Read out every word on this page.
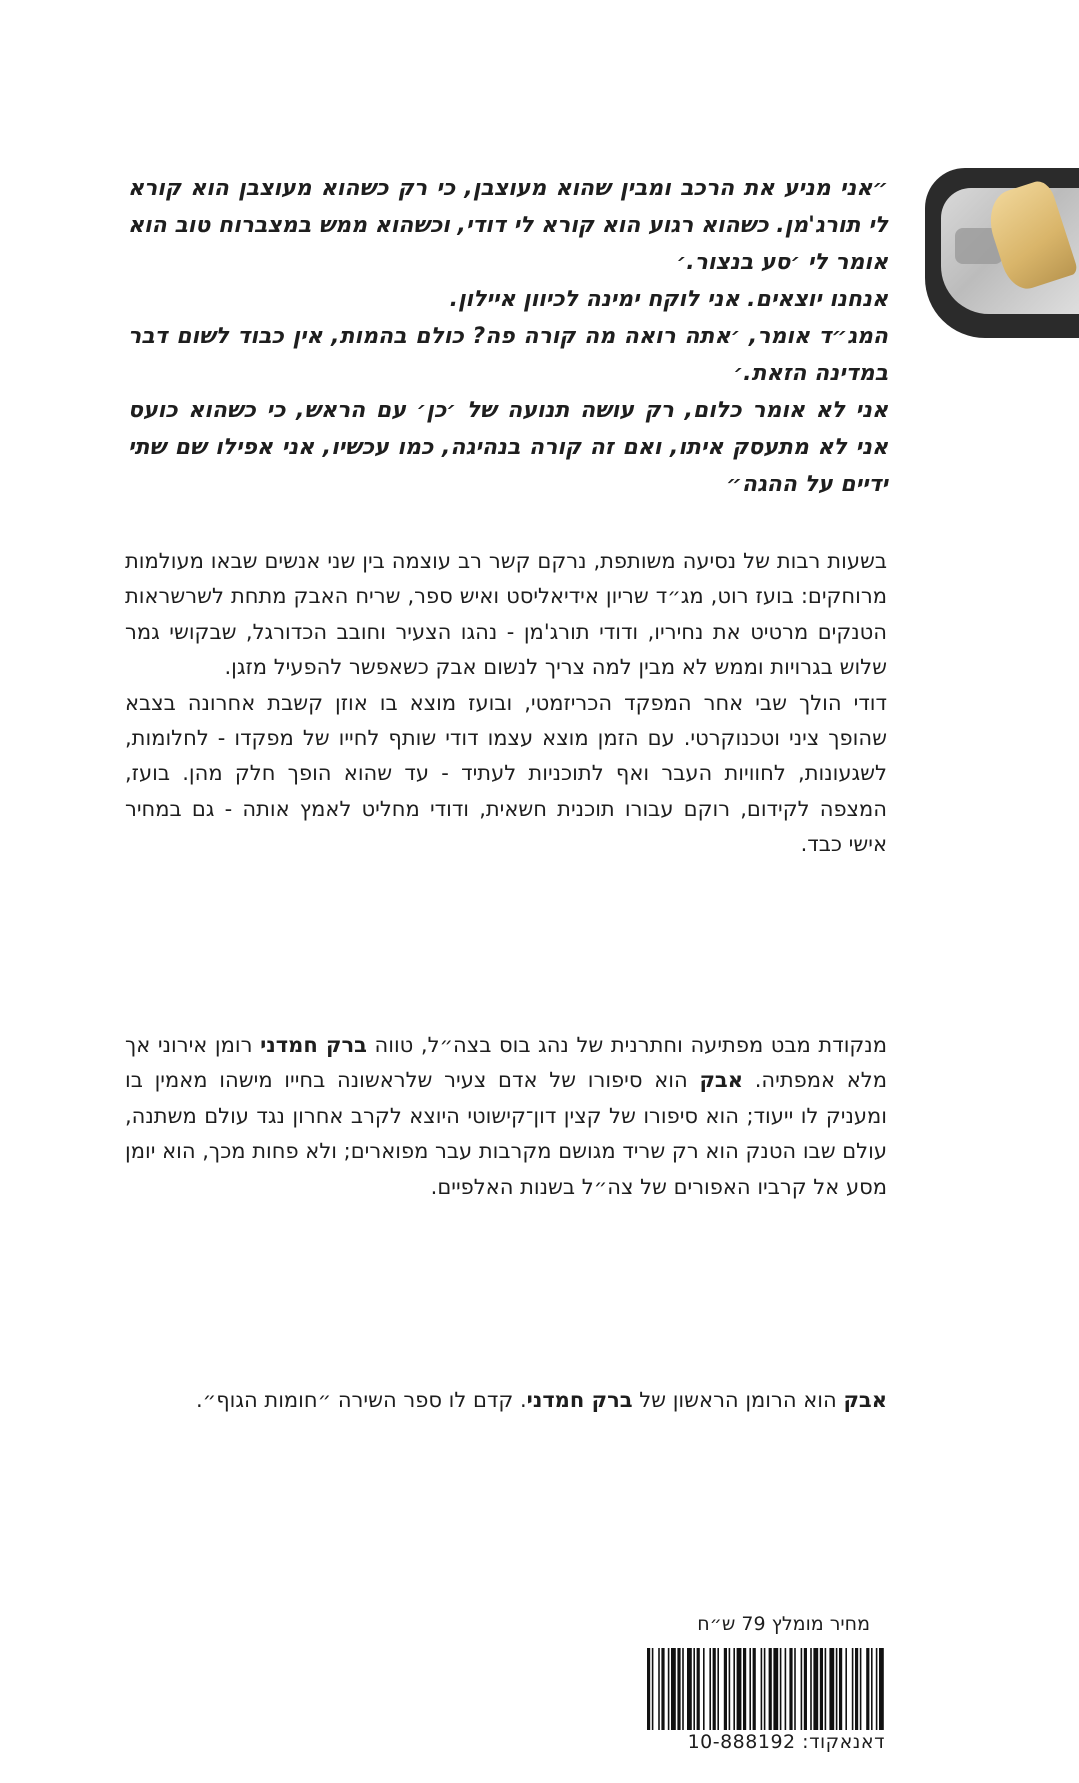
״אני מניע את הרכב ומבין שהוא מעוצבן, כי רק כשהוא מעוצבן הוא קורא לי תורג'מן. כשהוא רגוע הוא קורא לי דודי, וכשהוא ממש במצברוח טוב הוא אומר לי ׳סע בנצור.׳

אנחנו יוצאים. אני לוקח ימינה לכיוון איילון.

המג״ד אומר, ׳אתה רואה מה קורה פה? כולם בהמות, אין כבוד לשום דבר במדינה הזאת.׳

אני לא אומר כלום, רק עושה תנועה של ׳כן׳ עם הראש, כי כשהוא כועס אני לא מתעסק איתו, ואם זה קורה בנהיגה, כמו עכשיו, אני אפילו שם שתי ידיים על ההגה״

בשעות רבות של נסיעה משותפת, נרקם קשר רב עוצמה בין שני אנשים שבאו מעולמות מרוחקים: בועז רוט, מג״ד שריון אידיאליסט ואיש ספר, שריח האבק מתחת לשרשראות הטנקים מרטיט את נחיריו, ודודי תורג'מן - נהגו הצעיר וחובב הכדורגל, שבקושי גמר שלוש בגרויות וממש לא מבין למה צריך לנשום אבק כשאפשר להפעיל מזגן.

דודי הולך שבי אחר המפקד הכריזמטי, ובועז מוצא בו אוזן קשבת אחרונה בצבא שהופך ציני וטכנוקרטי. עם הזמן מוצא עצמו דודי שותף לחייו של מפקדו - לחלומות, לשגעונות, לחוויות העבר ואף לתוכניות לעתיד - עד שהוא הופך חלק מהן. בועז, המצפה לקידום, רוקם עבורו תוכנית חשאית, ודודי מחליט לאמץ אותה - גם במחיר אישי כבד.

מנקודת מבט מפתיעה וחתרנית של נהג בוס בצה״ל, טווה ברק חמדני רומן אירוני אך מלא אמפתיה. אבק הוא סיפורו של אדם צעיר שלראשונה בחייו מישהו מאמין בו ומעניק לו ייעוד; הוא סיפורו של קצין דון־קישוטי היוצא לקרב אחרון נגד עולם משתנה, עולם שבו הטנק הוא רק שריד מגושם מקרבות עבר מפוארים; ולא פחות מכך, הוא יומן מסע אל קרביו האפורים של צה״ל בשנות האלפיים.

אבק הוא הרומן הראשון של ברק חמדני. קדם לו ספר השירה ״חומות הגוף״.

מחיר מומלץ 79 ש״ח

דאנאקוד: 10-888192
